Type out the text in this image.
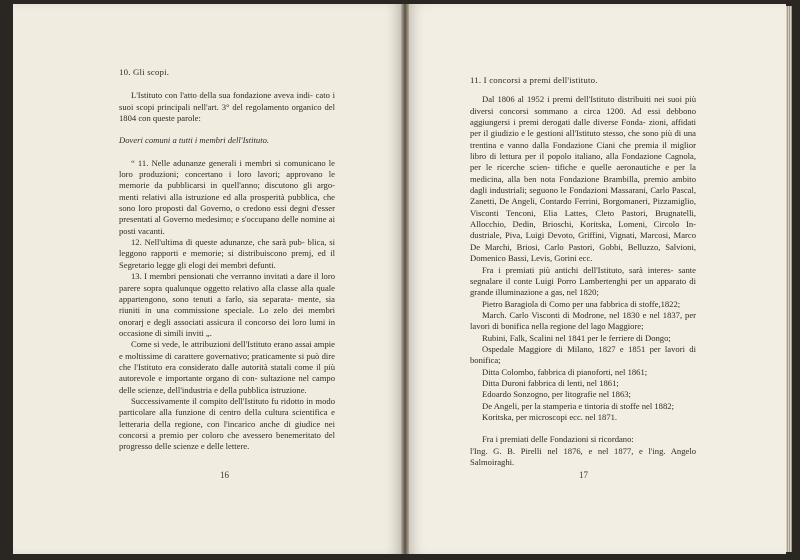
10. Gli scopi.

L'Istituto con l'atto della sua fondazione aveva indi- cato i suoi scopi principali nell'art. 3° del regolamento organico del 1804 con queste parole:

Doveri comuni a tutti i membri dell'Istituto.

“ 11. Nelle adunanze generali i membri si comunicano le loro produzioni; concertano i loro lavori; approvano le memorie da pubblicarsi in quell'anno; discutono gli argo- menti relativi alla istruzione ed alla prosperità pubblica, che sono loro proposti dal Governo, o credono essi degni d'esser presentati al Governo medesimo; e s'occupano delle nomine ai posti vacanti.

12. Nell'ultima di queste adunanze, che sarà pub- blica, si leggono rapporti e memorie; si distribuiscono premj, ed il Segretario legge gli elogi dei membri defunti.

13. I membri pensionati che verranno invitati a dare il loro parere sopra qualunque oggetto relativo alla classe alla quale appartengono, sono tenuti a farlo, sia separata- mente, sia riuniti in una commissione speciale. Lo zelo dei membri onorarj e degli associati assicura il concorso dei loro lumi in occasione di simili inviti „.

Come si vede, le attribuzioni dell'Istituto erano assai ampie e moltissime di carattere governativo; praticamente si può dire che l'Istituto era considerato dalle autorità statali come il più autorevole e importante organo di con- sultazione nel campo delle scienze, dell'industria e della pubblica istruzione.

Successivamente il compito dell'Istituto fu ridotto in modo particolare alla funzione di centro della cultura scientifica e letteraria della regione, con l'incarico anche di giudice nei concorsi a premio per coloro che avessero benemeritato del progresso delle scienze e delle lettere.

16

11. I concorsi a premi dell'istituto.

Dal 1806 al 1952 i premi dell'Istituto distribuiti nei suoi più diversi concorsi sommano a circa 1200. Ad essi debbono aggiungersi i premi derogati dalle diverse Fonda- zioni, affidati per il giudizio e le gestioni all'Istituto stesso, che sono più di una trentina e vanno dalla Fondazione Ciani che premia il miglior libro di lettura per il popolo italiano, alla Fondazione Cagnola, per le ricerche scien- tifiche e quelle aeronautiche e per la medicina, alla ben nota Fondazione Brambilla, premio ambito dagli industriali; seguono le Fondazioni Massarani, Carlo Pascal, Zanetti, De Angeli, Contardo Ferrini, Borgomaneri, Pizzamiglio, Visconti Tenconi, Elia Lattes, Cleto Pastori, Brugnatelli, Allocchio, Dedin, Brioschi, Koritska, Lomeni, Circolo In- dustriale, Piva, Luigi Devoto, Griffini, Vignati, Marcosi, Marco De Marchi, Briosi, Carlo Pastori, Gobbi, Belluzzo, Salvioni, Domenico Bassi, Levis, Gorini ecc.

Fra i premiati più antichi dell'Istituto, sarà interes- sante segnalare il conte Luigi Porro Lambertenghi per un apparato di grande illuminazione a gas, nel 1820;

Pietro Baragiola di Como per una fabbrica di stoffe,1822;

March. Carlo Visconti di Modrone, nel 1830 e nel 1837, per lavori di bonifica nella regione del lago Maggiore;

Rubini, Falk, Scalini nel 1841 per le ferriere di Dongo;

Ospedale Maggiore di Milano, 1827 e 1851 per lavori di bonifica;

Ditta Colombo, fabbrica di pianoforti, nel 1861;

Ditta Duroni fabbrica di lenti, nel 1861;

Edoardo Sonzogno, per litografie nel 1863;

De Angeli, per la stamperia e tintoria di stoffe nel 1882;

Koritska, per microscopi ecc. nel 1871.

Fra i premiati delle Fondazioni si ricordano:

l'Ing. G. B. Pirelli nel 1876, e nel 1877, e l'ing. Angelo Salmoiraghi.

17
